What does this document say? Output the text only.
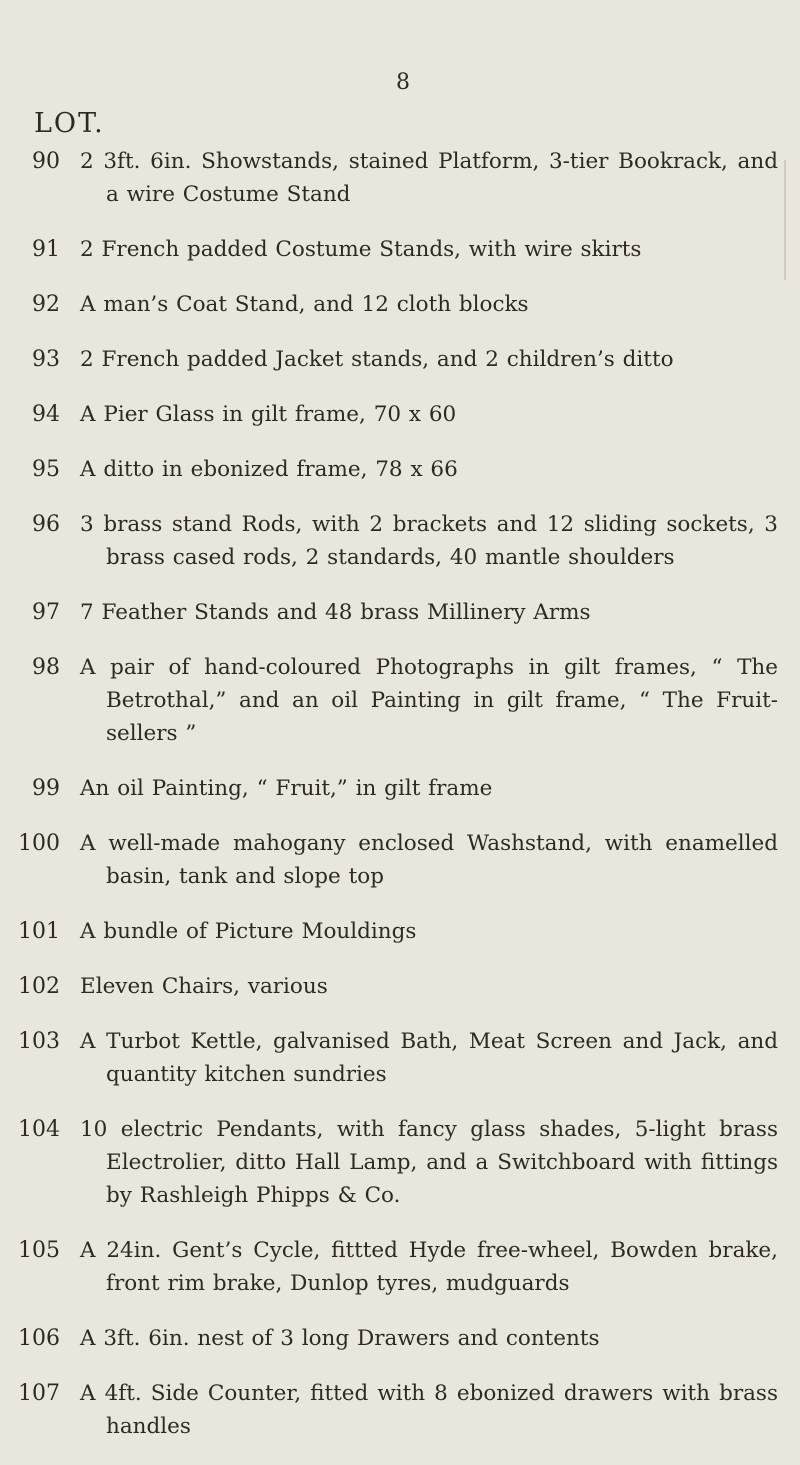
8
LOT.
90 2 3ft. 6in. Showstands, stained Platform, 3-tier Bookrack, and a wire Costume Stand
91 2 French padded Costume Stands, with wire skirts
92 A man’s Coat Stand, and 12 cloth blocks
93 2 French padded Jacket stands, and 2 children’s ditto
94 A Pier Glass in gilt frame, 70 x 60
95 A ditto in ebonized frame, 78 x 66
96 3 brass stand Rods, with 2 brackets and 12 sliding sockets, 3 brass cased rods, 2 standards, 40 mantle shoulders
97 7 Feather Stands and 48 brass Millinery Arms
98 A pair of hand-coloured Photographs in gilt frames, “ The Betrothal,” and an oil Painting in gilt frame, “ The Fruit-sellers ”
99 An oil Painting, “ Fruit,” in gilt frame
100 A well-made mahogany enclosed Washstand, with enamelled basin, tank and slope top
101 A bundle of Picture Mouldings
102 Eleven Chairs, various
103 A Turbot Kettle, galvanised Bath, Meat Screen and Jack, and quantity kitchen sundries
104 10 electric Pendants, with fancy glass shades, 5-light brass Electrolier, ditto Hall Lamp, and a Switchboard with fittings by Rashleigh Phipps & Co.
105 A 24in. Gent’s Cycle, fittted Hyde free-wheel, Bowden brake, front rim brake, Dunlop tyres, mudguards
106 A 3ft. 6in. nest of 3 long Drawers and contents
107 A 4ft. Side Counter, fitted with 8 ebonized drawers with brass handles
